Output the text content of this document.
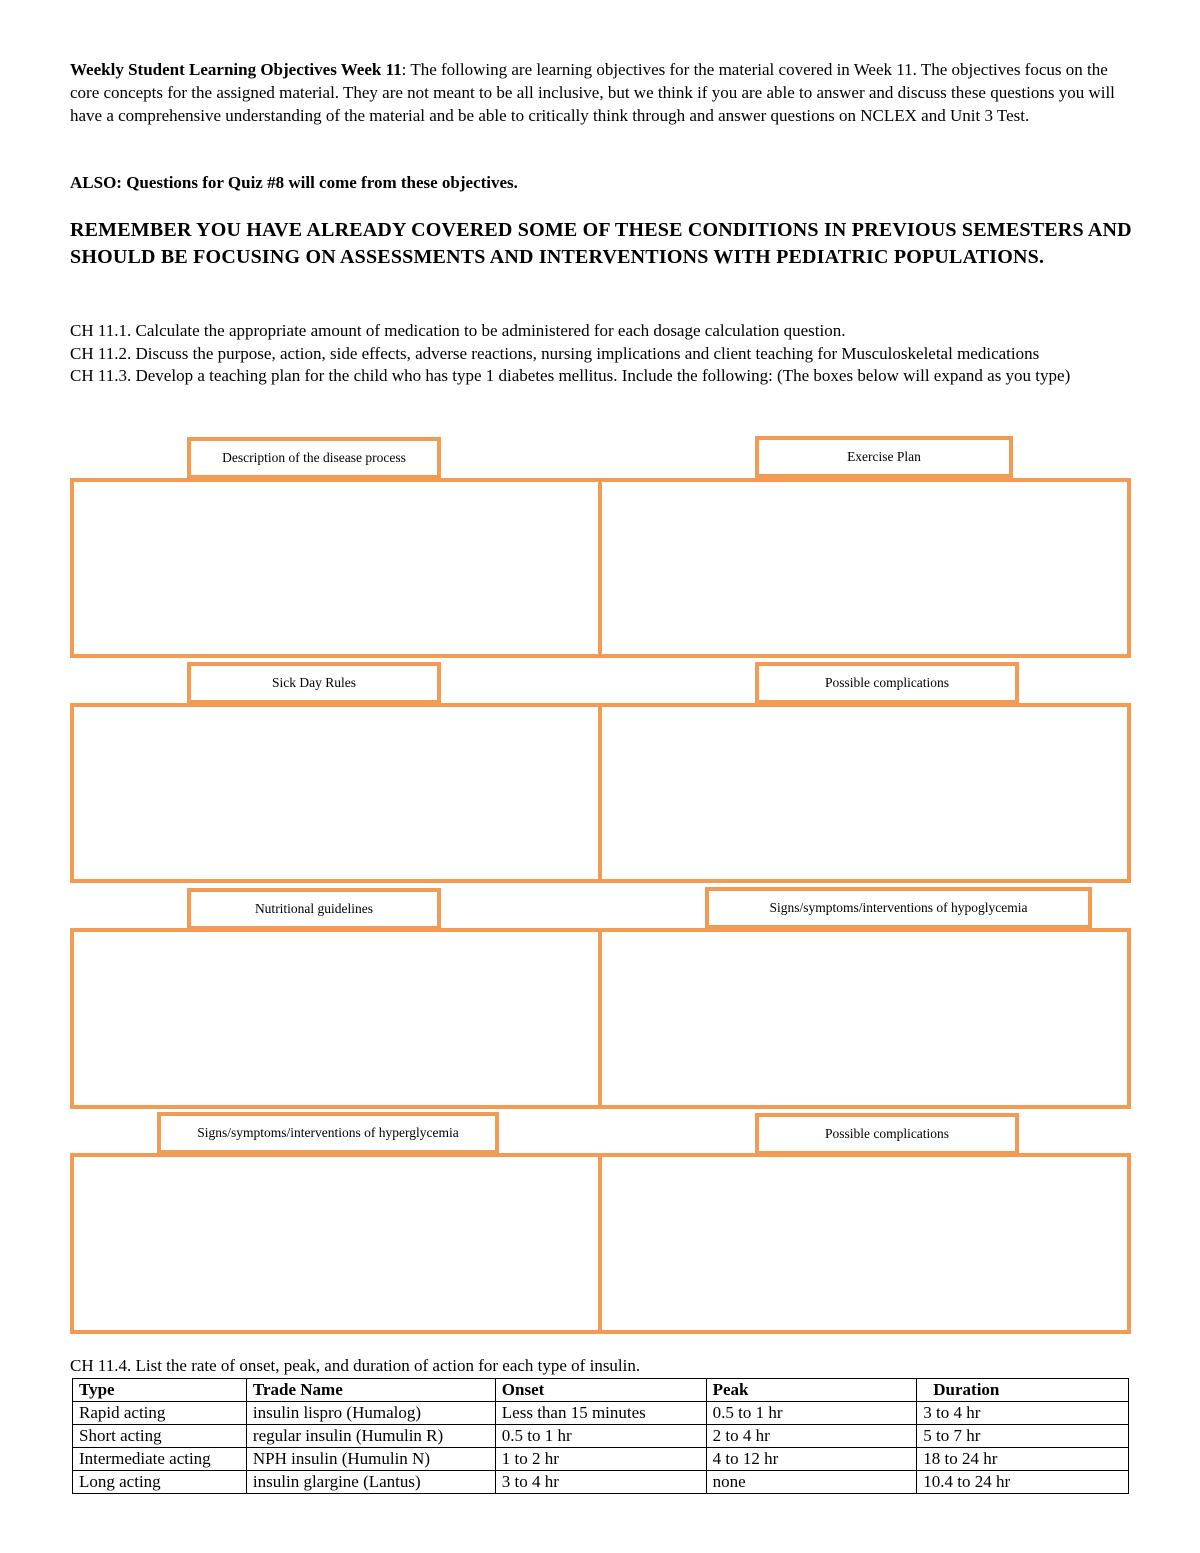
Weekly Student Learning Objectives Week 11: The following are learning objectives for the material covered in Week 11. The objectives focus on the core concepts for the assigned material. They are not meant to be all inclusive, but we think if you are able to answer and discuss these questions you will have a comprehensive understanding of the material and be able to critically think through and answer questions on NCLEX and Unit 3 Test.
ALSO: Questions for Quiz #8 will come from these objectives.
REMEMBER YOU HAVE ALREADY COVERED SOME OF THESE CONDITIONS IN PREVIOUS SEMESTERS AND SHOULD BE FOCUSING ON ASSESSMENTS AND INTERVENTIONS WITH PEDIATRIC POPULATIONS.
CH 11.1. Calculate the appropriate amount of medication to be administered for each dosage calculation question.
CH 11.2. Discuss the purpose, action, side effects, adverse reactions, nursing implications and client teaching for Musculoskeletal medications
CH 11.3. Develop a teaching plan for the child who has type 1 diabetes mellitus. Include the following: (The boxes below will expand as you type)
Description of the disease process	Exercise Plan
Sick Day Rules	Possible complications
Nutritional guidelines	Signs/symptoms/interventions of hypoglycemia
Signs/symptoms/interventions of hyperglycemia	Possible complications
CH 11.4. List the rate of onset, peak, and duration of action for each type of insulin.
Type	Trade Name	Onset	Peak	Duration
Rapid acting	insulin lispro (Humalog)	Less than 15 minutes	0.5 to 1 hr	3 to 4 hr
Short acting	regular insulin (Humulin R)	0.5 to 1 hr	2 to 4 hr	5 to 7 hr
Intermediate acting	NPH insulin (Humulin N)	1 to 2 hr	4 to 12 hr	18 to 24 hr
Long acting	insulin glargine (Lantus)	3 to 4 hr	none	10.4 to 24 hr
